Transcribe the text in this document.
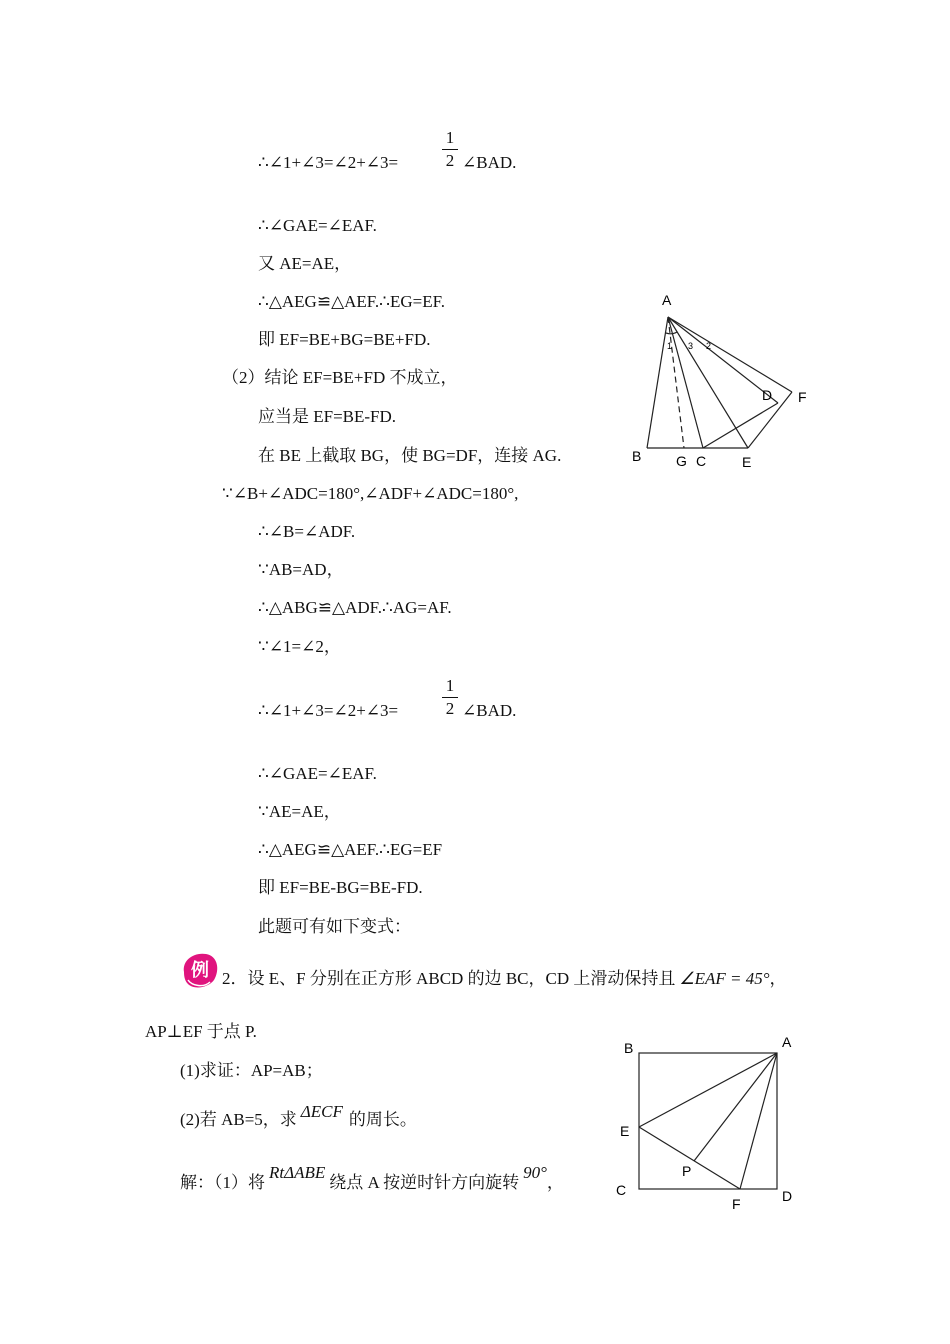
∴∠1+∠3=∠2+∠3=
1
2 ∠BAD.
∴∠GAE=∠EAF.
又 AE=AE，
∴△AEG≌△AEF.∴EG=EF.
即 EF=BE+BG=BE+FD.
（2）结论 EF=BE+FD 不成立，
应当是 EF=BE-FD.
在 BE 上截取 BG，使 BG=DF，连接 AG.
∵∠B+∠ADC=180°,∠ADF+∠ADC=180°,
∴∠B=∠ADF.
∵AB=AD，
∴△ABG≌△ADF.∴AG=AF.
∵∠1=∠2，
∴∠1+∠3=∠2+∠3=
1
2 ∠BAD.
∴∠GAE=∠EAF.
∵AE=AE，
∴△AEG≌△AEF.∴EG=EF
即 EF=BE-BG=BE-FD.
此题可有如下变式：
例 2．设 E、F 分别在正方形 ABCD 的边 BC，CD 上滑动保持且 ∠EAF = 45°，
AP⊥EF 于点 P.
(1)求证：AP=AB；
(2)若 AB=5，求 ΔECF 的周长。
解：（1）将RtΔABE绕点 A 按逆时针方向旋转90°，
A
B G C	E
D F
1 3 2
B	A
E
P
C
F	D
